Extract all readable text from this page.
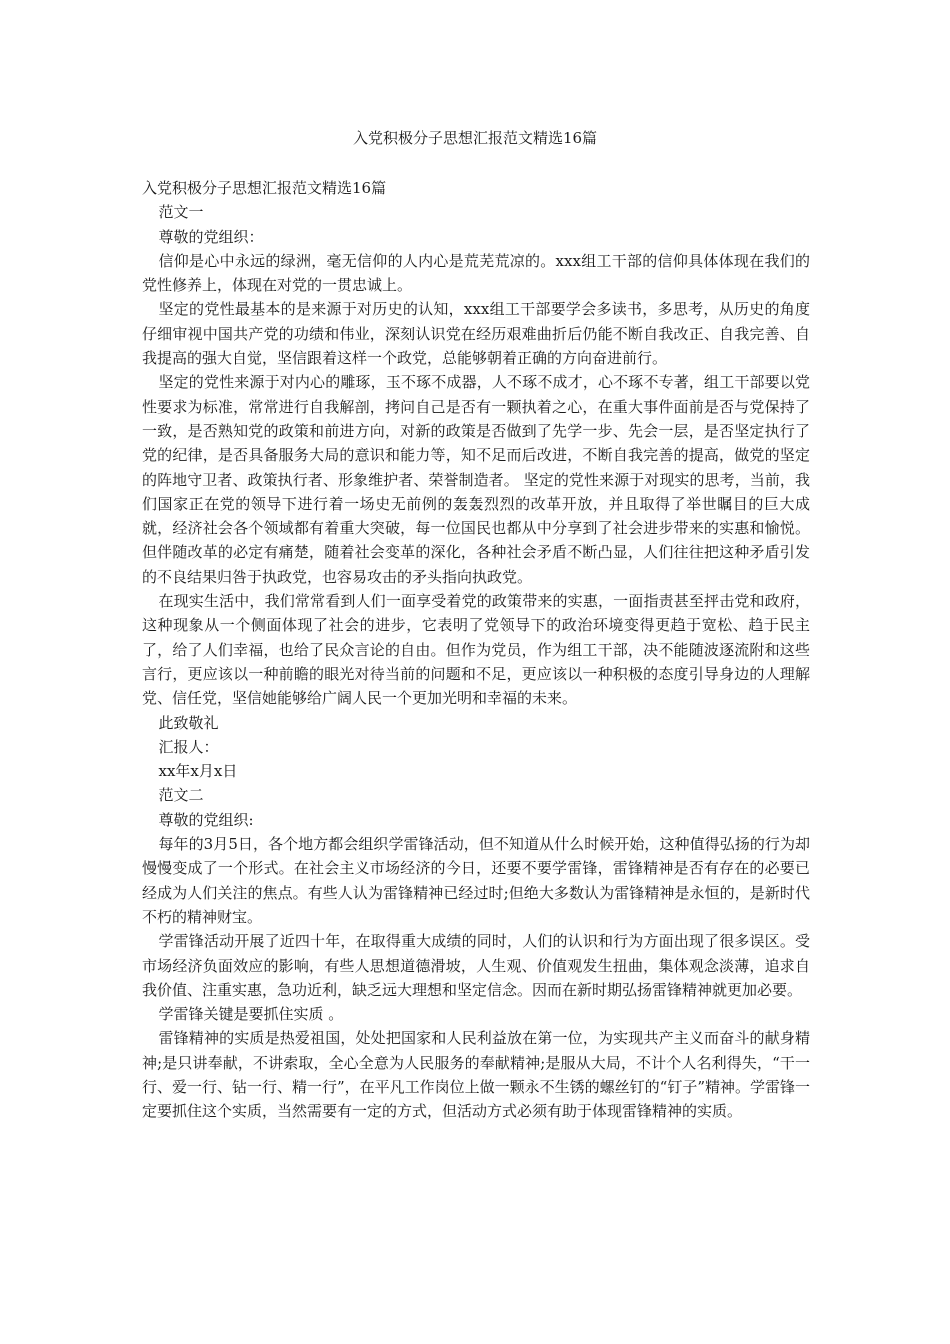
入党积极分子思想汇报范文精选16篇

入党积极分子思想汇报范文精选16篇

范文一

尊敬的党组织：

信仰是心中永远的绿洲，毫无信仰的人内心是荒芜荒凉的。xxx组工干部的信仰具体体现在我们的党性修养上，体现在对党的一贯忠诚上。

坚定的党性最基本的是来源于对历史的认知，xxx组工干部要学会多读书，多思考，从历史的角度仔细审视中国共产党的功绩和伟业，深刻认识党在经历艰难曲折后仍能不断自我改正、自我完善、自我提高的强大自觉，坚信跟着这样一个政党，总能够朝着正确的方向奋进前行。

坚定的党性来源于对内心的雕琢，玉不琢不成器，人不琢不成才，心不琢不专著，组工干部要以党性要求为标准，常常进行自我解剖，拷问自己是否有一颗执着之心，在重大事件面前是否与党保持了一致，是否熟知党的政策和前进方向，对新的政策是否做到了先学一步、先会一层，是否坚定执行了党的纪律，是否具备服务大局的意识和能力等，知不足而后改进，不断自我完善的提高，做党的坚定的阵地守卫者、政策执行者、形象维护者、荣誉制造者。 坚定的党性来源于对现实的思考，当前，我们国家正在党的领导下进行着一场史无前例的轰轰烈烈的改革开放，并且取得了举世瞩目的巨大成就，经济社会各个领域都有着重大突破，每一位国民也都从中分享到了社会进步带来的实惠和愉悦。但伴随改革的必定有痛楚，随着社会变革的深化，各种社会矛盾不断凸显，人们往往把这种矛盾引发的不良结果归咎于执政党，也容易攻击的矛头指向执政党。

在现实生活中，我们常常看到人们一面享受着党的政策带来的实惠，一面指责甚至抨击党和政府，这种现象从一个侧面体现了社会的进步，它表明了党领导下的政治环境变得更趋于宽松、趋于民主了，给了人们幸福，也给了民众言论的自由。但作为党员，作为组工干部，决不能随波逐流附和这些言行，更应该以一种前瞻的眼光对待当前的问题和不足，更应该以一种积极的态度引导身边的人理解党、信任党，坚信她能够给广阔人民一个更加光明和幸福的未来。

此致敬礼

汇报人：

xx年x月x日

范文二

尊敬的党组织:

每年的3月5日，各个地方都会组织学雷锋活动，但不知道从什么时候开始，这种值得弘扬的行为却慢慢变成了一个形式。在社会主义市场经济的今日，还要不要学雷锋，雷锋精神是否有存在的必要已经成为人们关注的焦点。有些人认为雷锋精神已经过时;但绝大多数认为雷锋精神是永恒的，是新时代不朽的精神财宝。

学雷锋活动开展了近四十年，在取得重大成绩的同时，人们的认识和行为方面出现了很多误区。受市场经济负面效应的影响，有些人思想道德滑坡，人生观、价值观发生扭曲，集体观念淡薄，追求自我价值、注重实惠，急功近利，缺乏远大理想和坚定信念。因而在新时期弘扬雷锋精神就更加必要。

学雷锋关键是要抓住实质 。

雷锋精神的实质是热爱祖国，处处把国家和人民利益放在第一位，为实现共产主义而奋斗的献身精神;是只讲奉献，不讲索取，全心全意为人民服务的奉献精神;是服从大局，不计个人名利得失，“干一行、爱一行、钻一行、精一行”，在平凡工作岗位上做一颗永不生锈的螺丝钉的“钉子”精神。学雷锋一定要抓住这个实质，当然需要有一定的方式，但活动方式必须有助于体现雷锋精神的实质。
